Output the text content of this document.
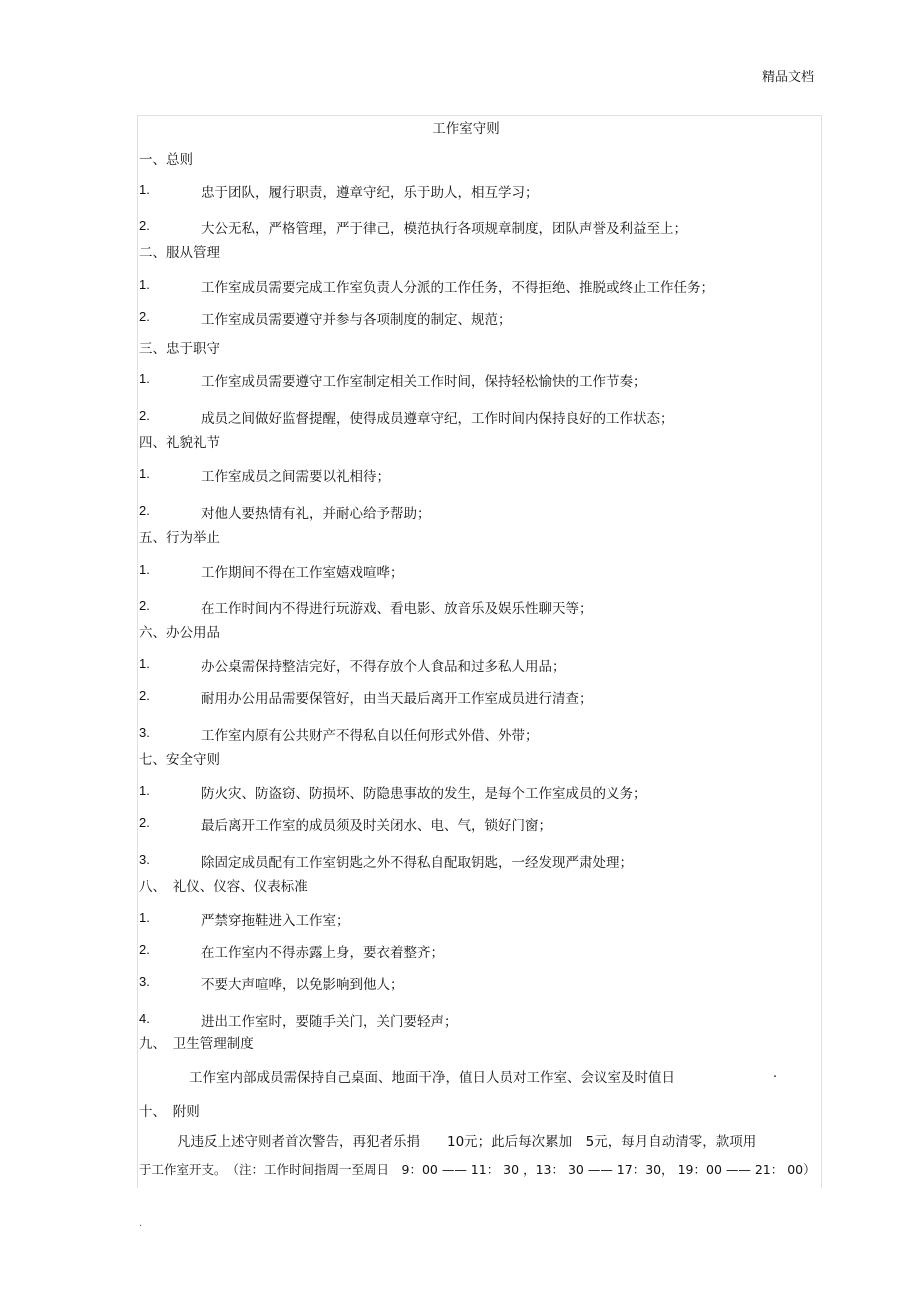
精品文档
工作室守则
一、总则
1.	忠于团队，履行职责，遵章守纪，乐于助人，相互学习；
2.	大公无私，严格管理，严于律己，模范执行各项规章制度，团队声誉及利益至上；
二、服从管理
1.	工作室成员需要完成工作室负责人分派的工作任务，不得拒绝、推脱或终止工作任务；
2.	工作室成员需要遵守并参与各项制度的制定、规范；
三、忠于职守
1.	工作室成员需要遵守工作室制定相关工作时间，保持轻松愉快的工作节奏；
2.	成员之间做好监督提醒，使得成员遵章守纪，工作时间内保持良好的工作状态；
四、礼貌礼节
1.	工作室成员之间需要以礼相待；
2.	对他人要热情有礼，并耐心给予帮助；
五、行为举止
1.	工作期间不得在工作室嬉戏喧哗；
2.	在工作时间内不得进行玩游戏、看电影、放音乐及娱乐性聊天等；
六、办公用品
1.	办公桌需保持整洁完好，不得存放个人食品和过多私人用品；
2.	耐用办公用品需要保管好，由当天最后离开工作室成员进行清查；
3.	工作室内原有公共财产不得私自以任何形式外借、外带；
七、安全守则
1.	防火灾、防盗窃、防损坏、防隐患事故的发生，是每个工作室成员的义务；
2.	最后离开工作室的成员须及时关闭水、电、气，锁好门窗；
3.	除固定成员配有工作室钥匙之外不得私自配取钥匙，一经发现严肃处理；
八、　礼仪、仪容、仪表标准
1.	严禁穿拖鞋进入工作室；
2.	在工作室内不得赤露上身，要衣着整齐；
3.	不要大声喧哗，以免影响到他人；
4.	进出工作室时，要随手关门，关门要轻声；
九、　卫生管理制度
工作室内部成员需保持自己桌面、地面干净，值日人员对工作室、会议室及时值日	.
十、　附则
凡违反上述守则者首次警告，再犯者乐捐　　10元；此后每次累加　5元，每月自动清零，款项用
于工作室开支。　（注：工作时间指周一至周日　9：00 —— 11： 30 ，13： 30 —— 17：30， 19：00 —— 21： 00）
.
